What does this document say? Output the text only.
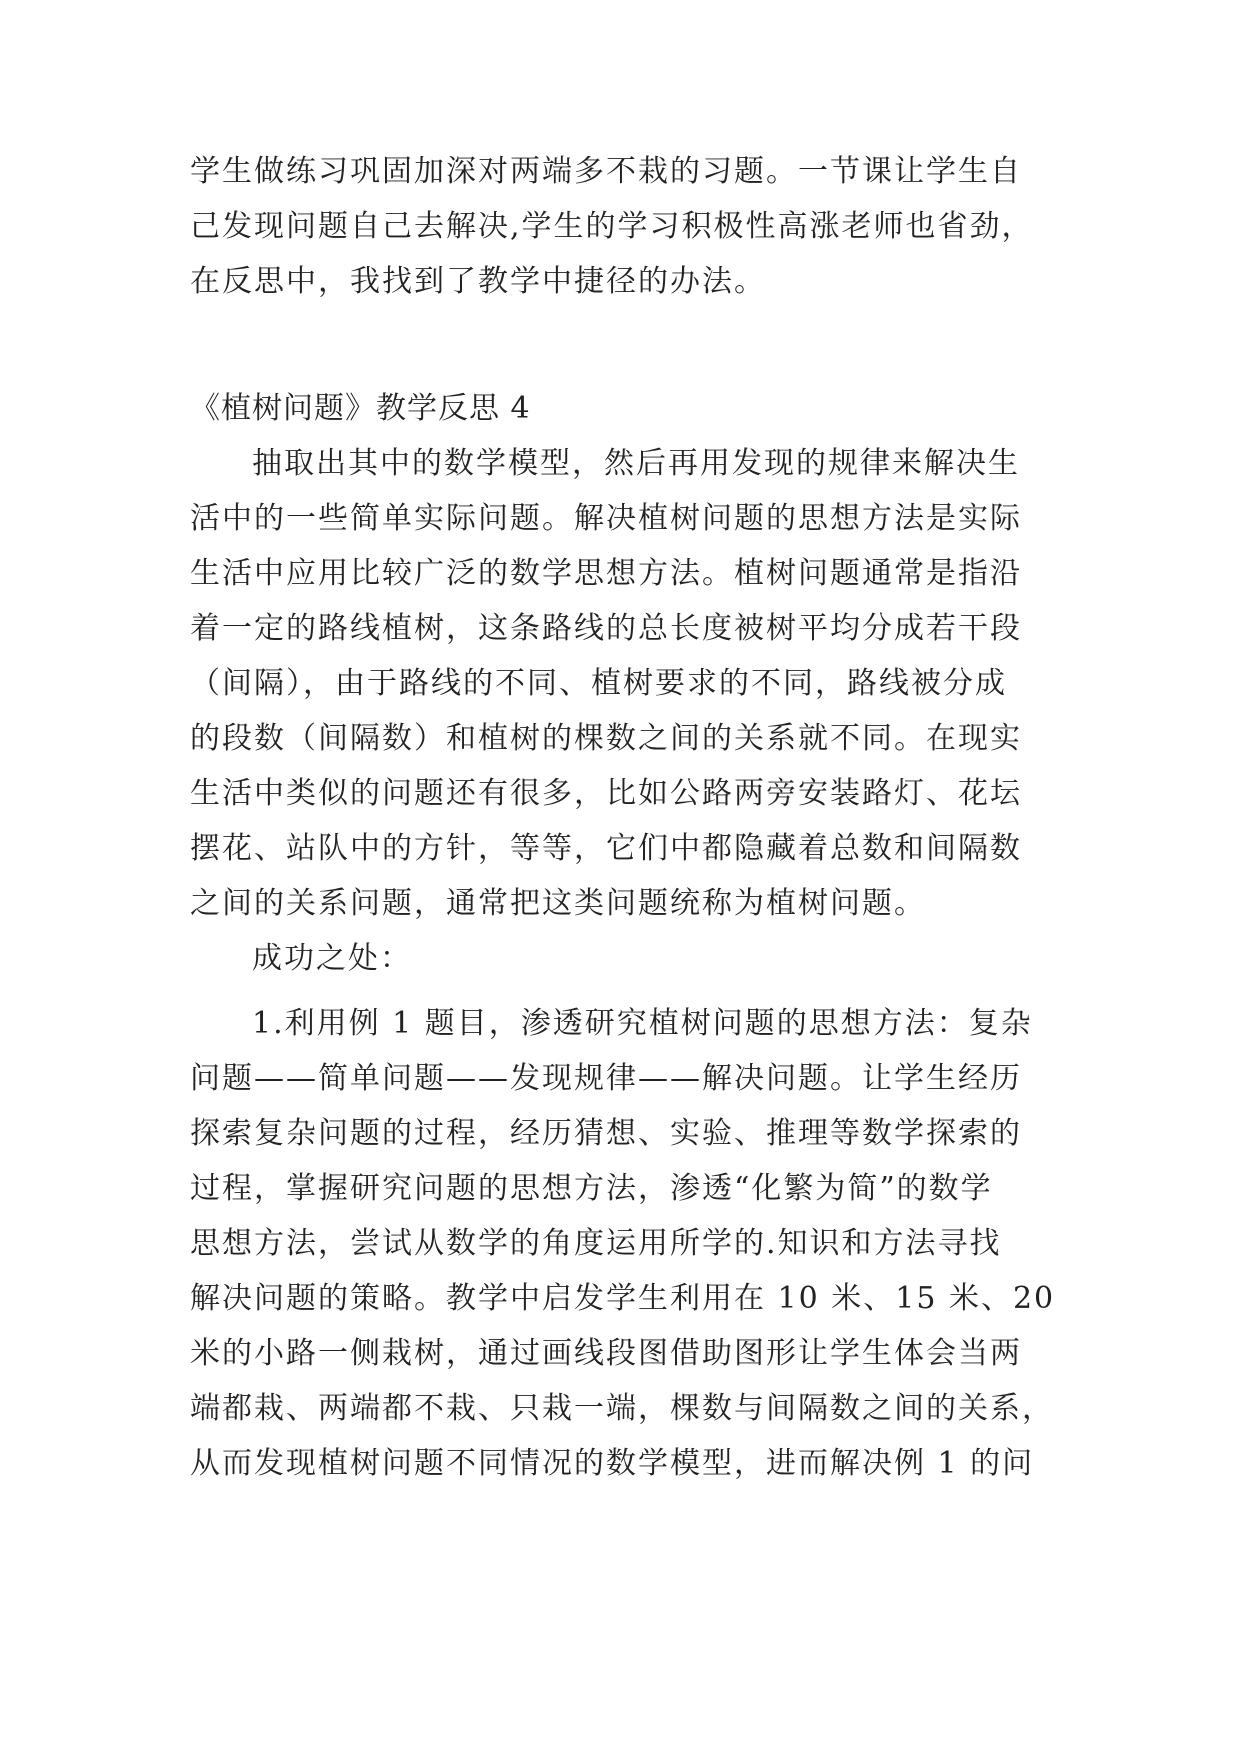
学生做练习巩固加深对两端多不栽的习题。一节课让学生自
己发现问题自己去解决,学生的学习积极性高涨老师也省劲，
在反思中，我找到了教学中捷径的办法。
《植树问题》教学反思 4
抽取出其中的数学模型，然后再用发现的规律来解决生
活中的一些简单实际问题。解决植树问题的思想方法是实际
生活中应用比较广泛的数学思想方法。植树问题通常是指沿
着一定的路线植树，这条路线的总长度被树平均分成若干段
（间隔），由于路线的不同、植树要求的不同，路线被分成
的段数（间隔数）和植树的棵数之间的关系就不同。在现实
生活中类似的问题还有很多，比如公路两旁安装路灯、花坛
摆花、站队中的方针，等等，它们中都隐藏着总数和间隔数
之间的关系问题，通常把这类问题统称为植树问题。
成功之处：
1.利用例 1 题目，渗透研究植树问题的思想方法：复杂
问题——简单问题——发现规律——解决问题。让学生经历
探索复杂问题的过程，经历猜想、实验、推理等数学探索的
过程，掌握研究问题的思想方法，渗透“化繁为简”的数学
思想方法，尝试从数学的角度运用所学的.知识和方法寻找
解决问题的策略。教学中启发学生利用在 10 米、15 米、20
米的小路一侧栽树，通过画线段图借助图形让学生体会当两
端都栽、两端都不栽、只栽一端，棵数与间隔数之间的关系，
从而发现植树问题不同情况的数学模型，进而解决例 1 的问
